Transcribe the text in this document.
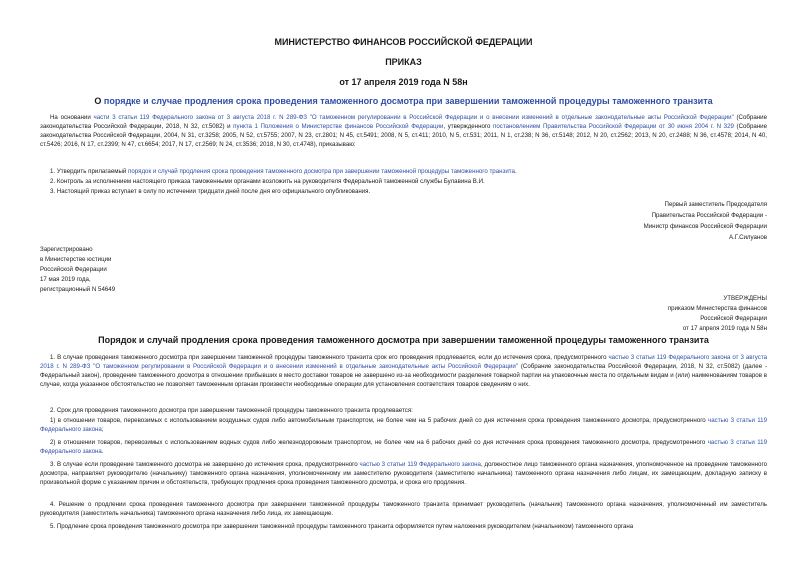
МИНИСТЕРСТВО ФИНАНСОВ РОССИЙСКОЙ ФЕДЕРАЦИИ
ПРИКАЗ
от 17 апреля 2019 года N 58н
О порядке и случае продления срока проведения таможенного досмотра при завершении таможенной процедуры таможенного транзита
На основании части 3 статьи 119 Федерального закона от 3 августа 2018 г. N 289-ФЗ "О таможенном регулировании в Российской Федерации и о внесении изменений в отдельные законодательные акты Российской Федерации" (Собрание законодательства Российской Федерации, 2018, N 32, ст.5082) и пункта 1 Положения о Министерстве финансов Российской Федерации, утвержденного постановлением Правительства Российской Федерации от 30 июня 2004 г. N 329 (Собрание законодательства Российской Федерации, 2004, N 31, ст.3258; 2005, N 52, ст.5755; 2007, N 23, ст.2801; N 45, ст.5491; 2008, N 5, ст.411; 2010, N 5, ст.531; 2011, N 1, ст.238; N 36, ст.5148; 2012, N 20, ст.2562; 2013, N 20, ст.2488; N 36, ст.4578; 2014, N 40, ст.5426; 2016, N 17, ст.2399; N 47, ст.6654; 2017, N 17, ст.2569; N 24, ст.3536; 2018, N 30, ст.4748), приказываю:
1. Утвердить прилагаемый порядок и случай продления срока проведения таможенного досмотра при завершении таможенной процедуры таможенного транзита.
2. Контроль за исполнением настоящего приказа таможенными органами возложить на руководителя Федеральной таможенной службы Булавина В.И.
3. Настоящий приказ вступает в силу по истечении тридцати дней после дня его официального опубликования.
Первый заместитель Председателя
Правительства Российской Федерации -
Министр финансов Российской Федерации
А.Г.Силуанов
Зарегистрировано
в Министерстве юстиции
Российской Федерации
17 мая 2019 года,
регистрационный N 54649
УТВЕРЖДЕНЫ
приказом Министерства финансов
Российской Федерации
от 17 апреля 2019 года N 58н
Порядок и случай продления срока проведения таможенного досмотра при завершении таможенной процедуры таможенного транзита
1. В случае проведения таможенного досмотра при завершении таможенной процедуры таможенного транзита срок его проведения продлевается, если до истечения срока, предусмотренного частью 3 статьи 119 Федерального закона от 3 августа 2018 г. N 289-ФЗ "О таможенном регулировании в Российской Федерации и о внесении изменений в отдельные законодательные акты Российской Федерации" (Собрание законодательства Российской Федерации, 2018, N 32, ст.5082) (далее - Федеральный закон), проведение таможенного досмотра в отношении прибывших в место доставки товаров не завершено из-за необходимости разделения товарной партии на упаковочные места по отдельным видам и (или) наименованиям товаров в случае, когда указанное обстоятельство не позволяет таможенным органам произвести необходимые операции для установления соответствия товаров сведениям о них.
2. Срок для проведения таможенного досмотра при завершении таможенной процедуры таможенного транзита продлевается:
1) в отношении товаров, перевозимых с использованием воздушных судов либо автомобильным транспортом, не более чем на 5 рабочих дней со дня истечения срока проведения таможенного досмотра, предусмотренного частью 3 статьи 119 Федерального закона;
2) в отношении товаров, перевозимых с использованием водных судов либо железнодорожным транспортом, не более чем на 6 рабочих дней со дня истечения срока проведения таможенного досмотра, предусмотренного частью 3 статьи 119 Федерального закона.
3. В случае если проведение таможенного досмотра не завершено до истечения срока, предусмотренного частью 3 статьи 119 Федерального закона, должностное лицо таможенного органа назначения, уполномоченное на проведение таможенного досмотра, направляет руководителю (начальнику) таможенного органа назначения, уполномоченному им заместителю руководителя (заместителю начальника) таможенного органа назначения либо лицам, их замещающим, докладную записку в произвольной форме с указанием причин и обстоятельств, требующих продления срока проведения таможенного досмотра, и срока его продления.
4. Решение о продлении срока проведения таможенного досмотра при завершении таможенной процедуры таможенного транзита принимает руководитель (начальник) таможенного органа назначения, уполномоченный им заместитель руководителя (заместитель начальника) таможенного органа назначения либо лица, их замещающие.
5. Продление срока проведения таможенного досмотра при завершении таможенной процедуры таможенного транзита оформляется путем наложения руководителем (начальником) таможенного органа
